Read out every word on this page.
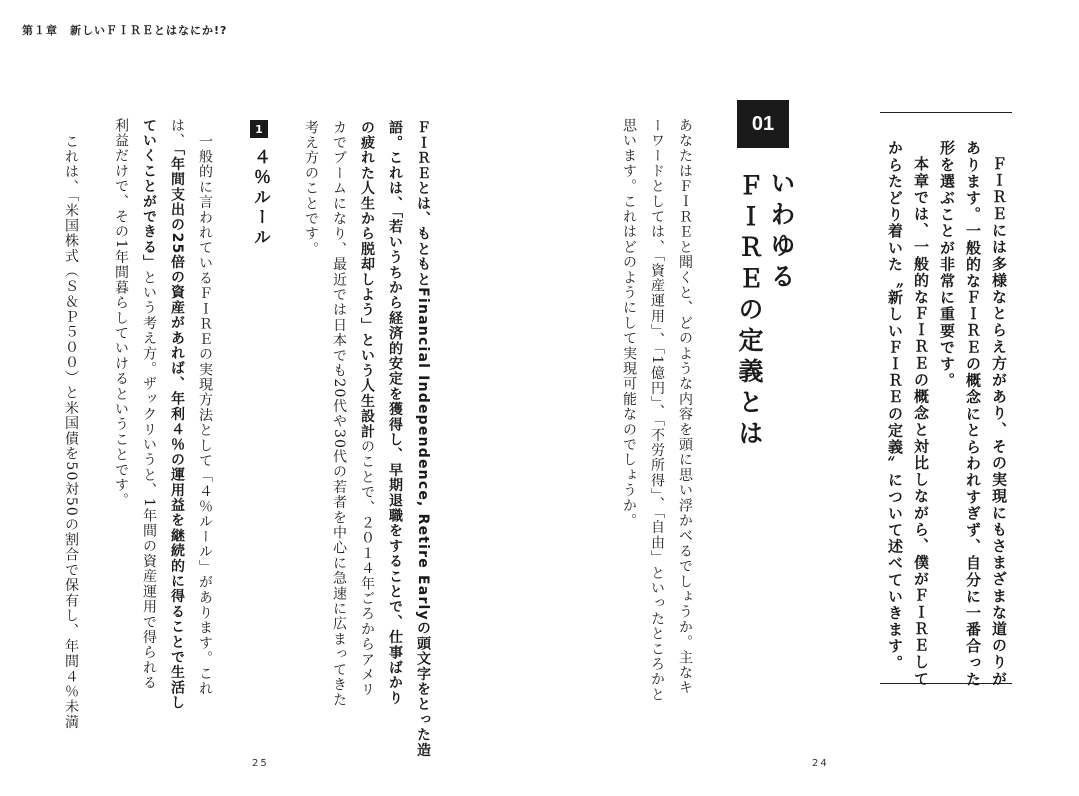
第１章　新しいＦＩＲＥとはなにか!?
ＦＩＲＥには多様なとらえ方があり、その実現にもさまざまな道のりが
あります。一般的なＦＩＲＥの概念にとらわれすぎず、自分に一番合った
形を選ぶことが非常に重要です。
本章では、一般的なＦＩＲＥの概念と対比しながら、僕がＦＩＲＥして
からたどり着いた〝新しいＦＩＲＥの定義〟について述べていきます。
01
いわゆる
ＦＩＲＥの定義とは
あなたはＦＩＲＥと聞くと、どのような内容を頭に思い浮かべるでしょうか。主なキ
ーワードとしては、「資産運用」、「1億円」、「不労所得」、「自由」といったところかと
思います。これはどのようにして実現可能なのでしょうか。
24
ＦＩＲＥとは、もともとFinancial Independence, Retire Earlyの頭文字をとった造
語。これは、「若いうちから経済的安定を獲得し、早期退職をすることで、仕事ばかり
の疲れた人生から脱却しよう」という人生設計のことで、２０１４年ごろからアメリ
カでブームになり、最近では日本でも20代や30代の若者を中心に急速に広まってきた
考え方のことです。
1
４％ルール
一般的に言われているＦＩＲＥの実現方法として「４％ルール」があります。これ
は、「年間支出の25倍の資産があれば、年利４％の運用益を継続的に得ることで生活し
ていくことができる」という考え方。ザックリいうと、1年間の資産運用で得られる
利益だけで、その1年間暮らしていけるということです。
これは、「米国株式（Ｓ＆Ｐ５００）と米国債を50対50の割合で保有し、年間４％未満
25
